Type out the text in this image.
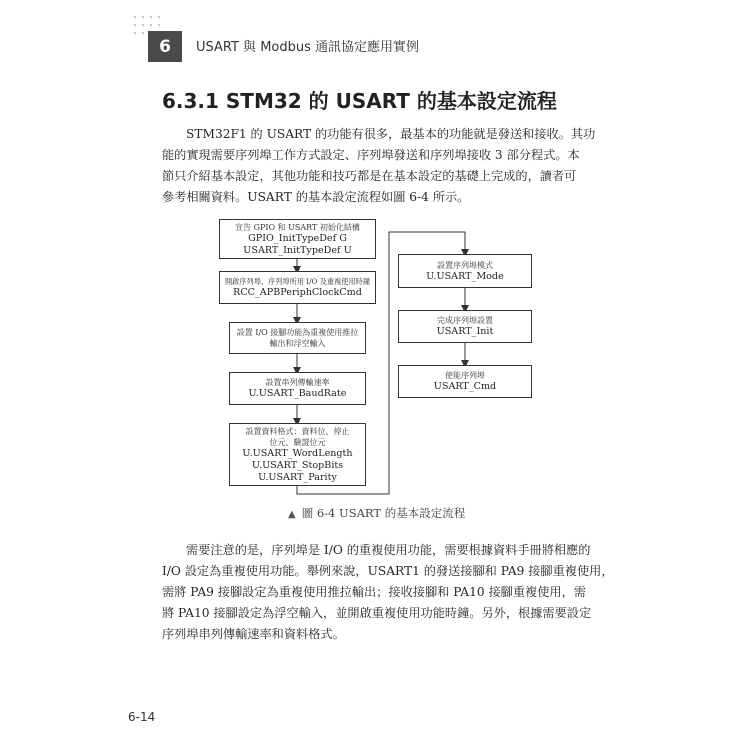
6	USART 與 Modbus 通訊協定應用實例
6.3.1 STM32 的 USART 的基本設定流程
STM32F1 的 USART 的功能有很多，最基本的功能就是發送和接收。其功
能的實現需要序列埠工作方式設定、序列埠發送和序列埠接收 3 部分程式。本
節只介紹基本設定，其他功能和技巧都是在基本設定的基礎上完成的，讀者可
參考相關資料。USART 的基本設定流程如圖 6-4 所示。
宣告 GPIO 和 USART 初始化結構
GPIO_InitTypeDef G
USART_InitTypeDef U
開啟序列埠、序列埠所用 I/O 及重複使用時鐘
RCC_APBPeriphClockCmd
設置 I/O 接腳功能為重複使用推拉
輸出和浮空輸入
設置串列傳輸速率
U.USART_BaudRate
設置資料格式：資料位、停止
位元、驗證位元
U.USART_WordLength
U.USART_StopBits
U.USART_Parity
設置序列埠模式
U.USART_Mode
完成序列埠設置
USART_Init
使能序列埠
USART_Cmd
▲ 圖 6-4 USART 的基本設定流程
需要注意的是，序列埠是 I/O 的重複使用功能，需要根據資料手冊將相應的
I/O 設定為重複使用功能。舉例來說，USART1 的發送接腳和 PA9 接腳重複使用，
需將 PA9 接腳設定為重複使用推拉輸出；接收接腳和 PA10 接腳重複使用，需
將 PA10 接腳設定為浮空輸入，並開啟重複使用功能時鐘。另外，根據需要設定
序列埠串列傳輸速率和資料格式。
6-14
